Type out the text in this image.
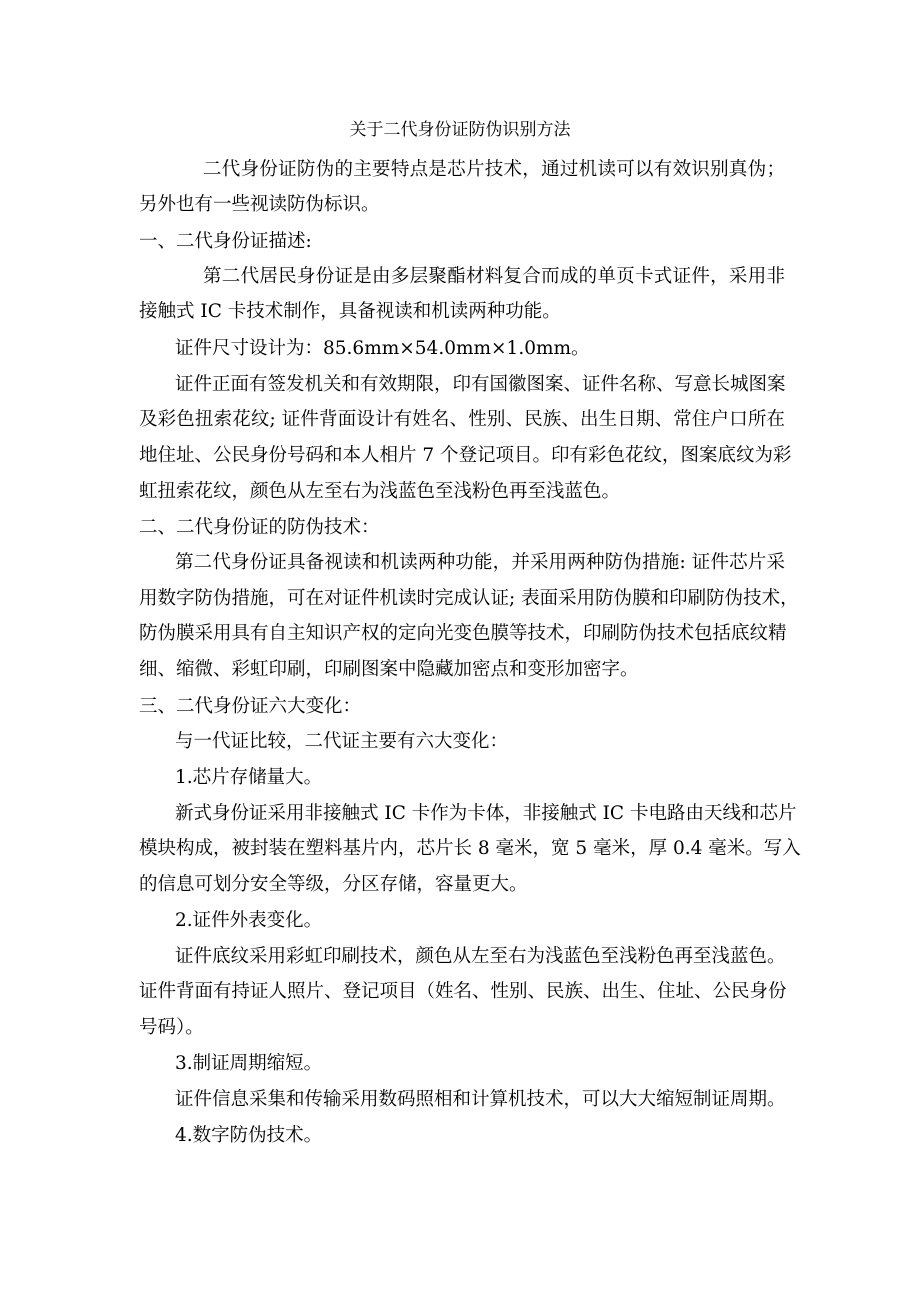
关于二代身份证防伪识别方法
二代身份证防伪的主要特点是芯片技术，通过机读可以有效识别真伪；
另外也有一些视读防伪标识。
一、二代身份证描述:
第二代居民身份证是由多层聚酯材料复合而成的单页卡式证件，采用非
接触式 IC 卡技术制作，具备视读和机读两种功能。
证件尺寸设计为：85.6mm×54.0mm×1.0mm。
证件正面有签发机关和有效期限，印有国徽图案、证件名称、写意长城图案
及彩色扭索花纹; 证件背面设计有姓名、性别、民族、出生日期、常住户口所在
地住址、公民身份号码和本人相片 7 个登记项目。印有彩色花纹，图案底纹为彩
虹扭索花纹，颜色从左至右为浅蓝色至浅粉色再至浅蓝色。
二、二代身份证的防伪技术：
第二代身份证具备视读和机读两种功能，并采用两种防伪措施: 证件芯片采
用数字防伪措施，可在对证件机读时完成认证; 表面采用防伪膜和印刷防伪技术，
防伪膜采用具有自主知识产权的定向光变色膜等技术，印刷防伪技术包括底纹精
细、缩微、彩虹印刷，印刷图案中隐藏加密点和变形加密字。
三、二代身份证六大变化：
与一代证比较，二代证主要有六大变化：
1.芯片存储量大。
新式身份证采用非接触式 IC 卡作为卡体，非接触式 IC 卡电路由天线和芯片
模块构成，被封装在塑料基片内，芯片长 8 毫米，宽 5 毫米，厚 0.4 毫米。写入
的信息可划分安全等级，分区存储，容量更大。
2.证件外表变化。
证件底纹采用彩虹印刷技术，颜色从左至右为浅蓝色至浅粉色再至浅蓝色。
证件背面有持证人照片、登记项目（姓名、性别、民族、出生、住址、公民身份
号码）。
3.制证周期缩短。
证件信息采集和传输采用数码照相和计算机技术，可以大大缩短制证周期。
4.数字防伪技术。
